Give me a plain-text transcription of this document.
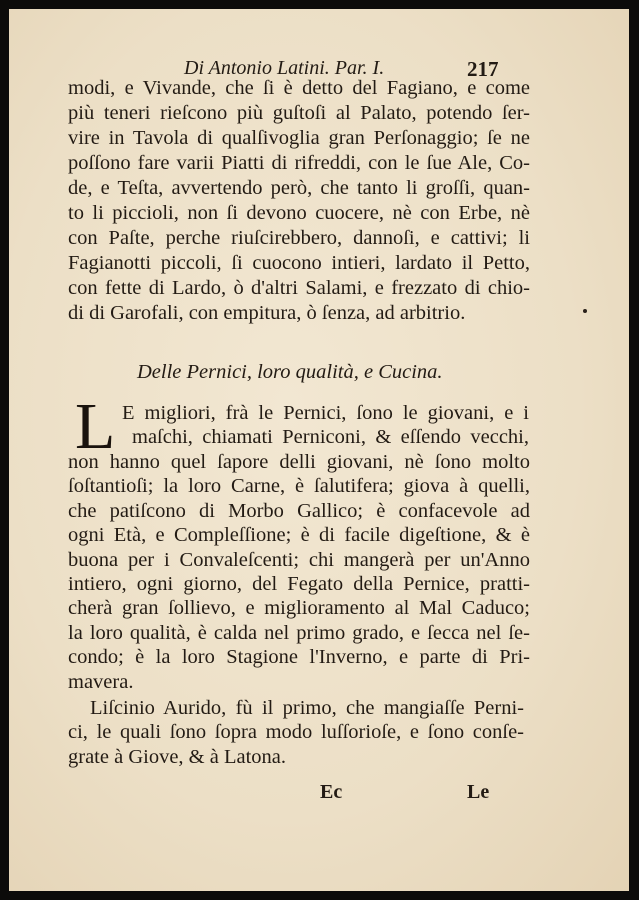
Di Antonio Latini. Par. I.	217
Delle Pernici, loro qualità, e Cucina.
L
Ec	Le
modi, e Vivande, che ſi è detto del Fagiano, e come
più teneri rieſcono più guſtoſi al Palato, potendo ſer-
vire in Tavola di qualſivoglia gran Perſonaggio; ſe ne
poſſono fare varii Piatti di rifreddi, con le ſue Ale, Co-
de, e Teſta, avvertendo però, che tanto li groſſi, quan-
to li piccioli, non ſi devono cuocere, nè con Erbe, nè
con Paſte, perche riuſcirebbero, dannoſi, e cattivi; li
Fagianotti piccoli, ſi cuocono intieri, lardato il Petto,
con fette di Lardo, ò d'altri Salami, e frezzato di chio-
di di Garofali, con empitura, ò ſenza, ad arbitrio.
E migliori, frà le Pernici, ſono le giovani, e i
maſchi, chiamati Perniconi, & eſſendo vecchi,
non hanno quel ſapore delli giovani, nè ſono molto
ſoſtantioſi; la loro Carne, è ſalutifera; giova à quelli,
che patiſcono di Morbo Gallico; è confacevole ad
ogni Età, e Compleſſione; è di facile digeſtione, & è
buona per i Convaleſcenti; chi mangerà per un'Anno
intiero, ogni giorno, del Fegato della Pernice, pratti-
cherà gran ſollievo, e miglioramento al Mal Caduco;
la loro qualità, è calda nel primo grado, e ſecca nel ſe-
condo; è la loro Stagione l'Inverno, e parte di Pri-
mavera.
Liſcinio Aurido, fù il primo, che mangiaſſe Perni-
ci, le quali ſono ſopra modo luſſorioſe, e ſono conſe-
grate à Giove, & à Latona.
